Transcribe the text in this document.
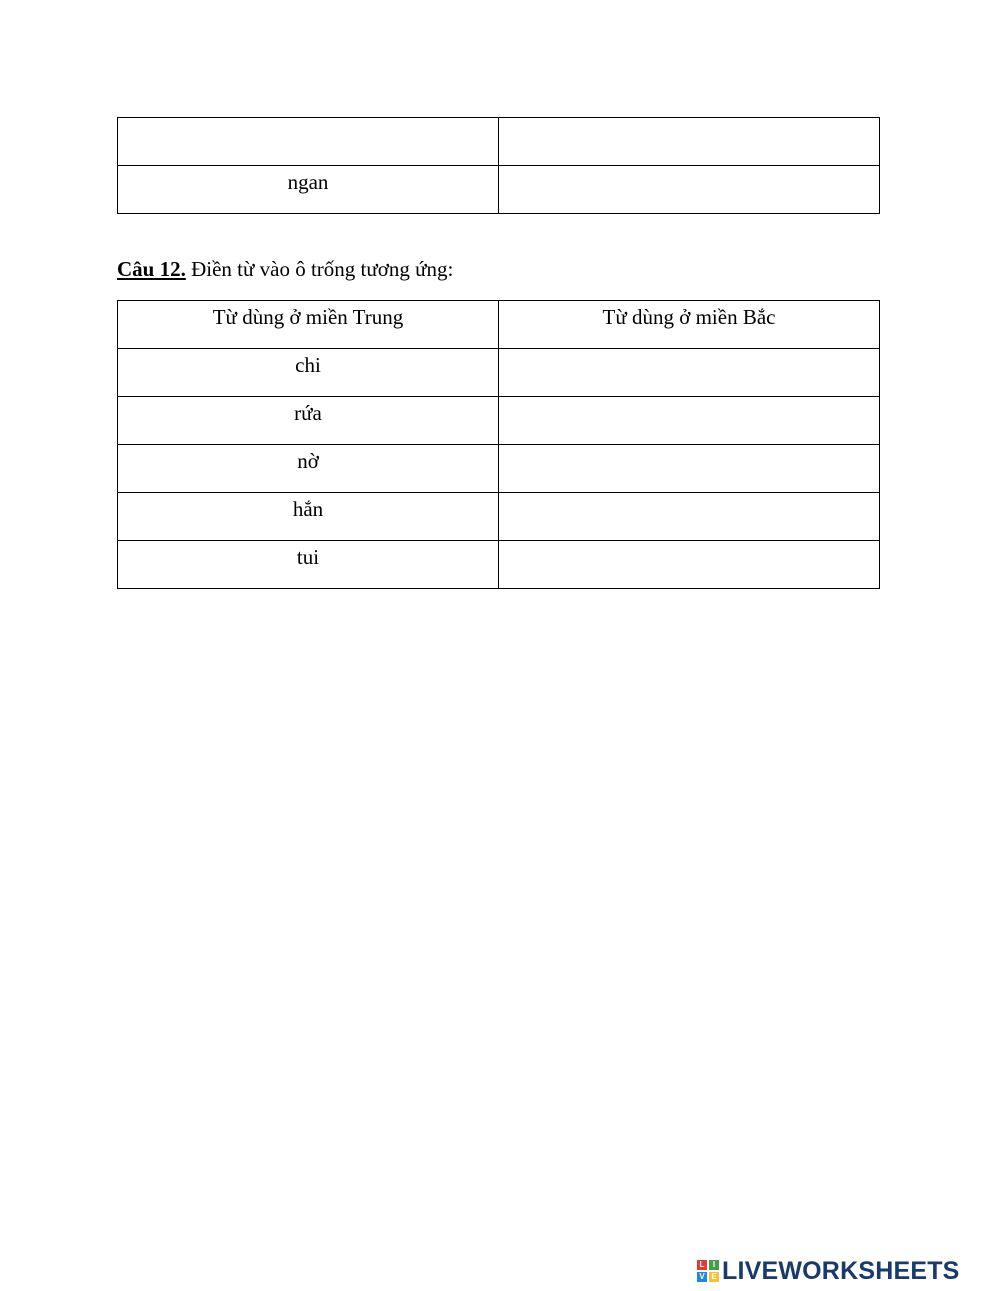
ngan	
Câu 12. Điền từ vào ô trống tương ứng:
Từ dùng ở miền Trung	Từ dùng ở miền Bắc
chi	
rứa	
nờ	
hắn	
tui	
L	I
V E LIVEWORKSHEETS
